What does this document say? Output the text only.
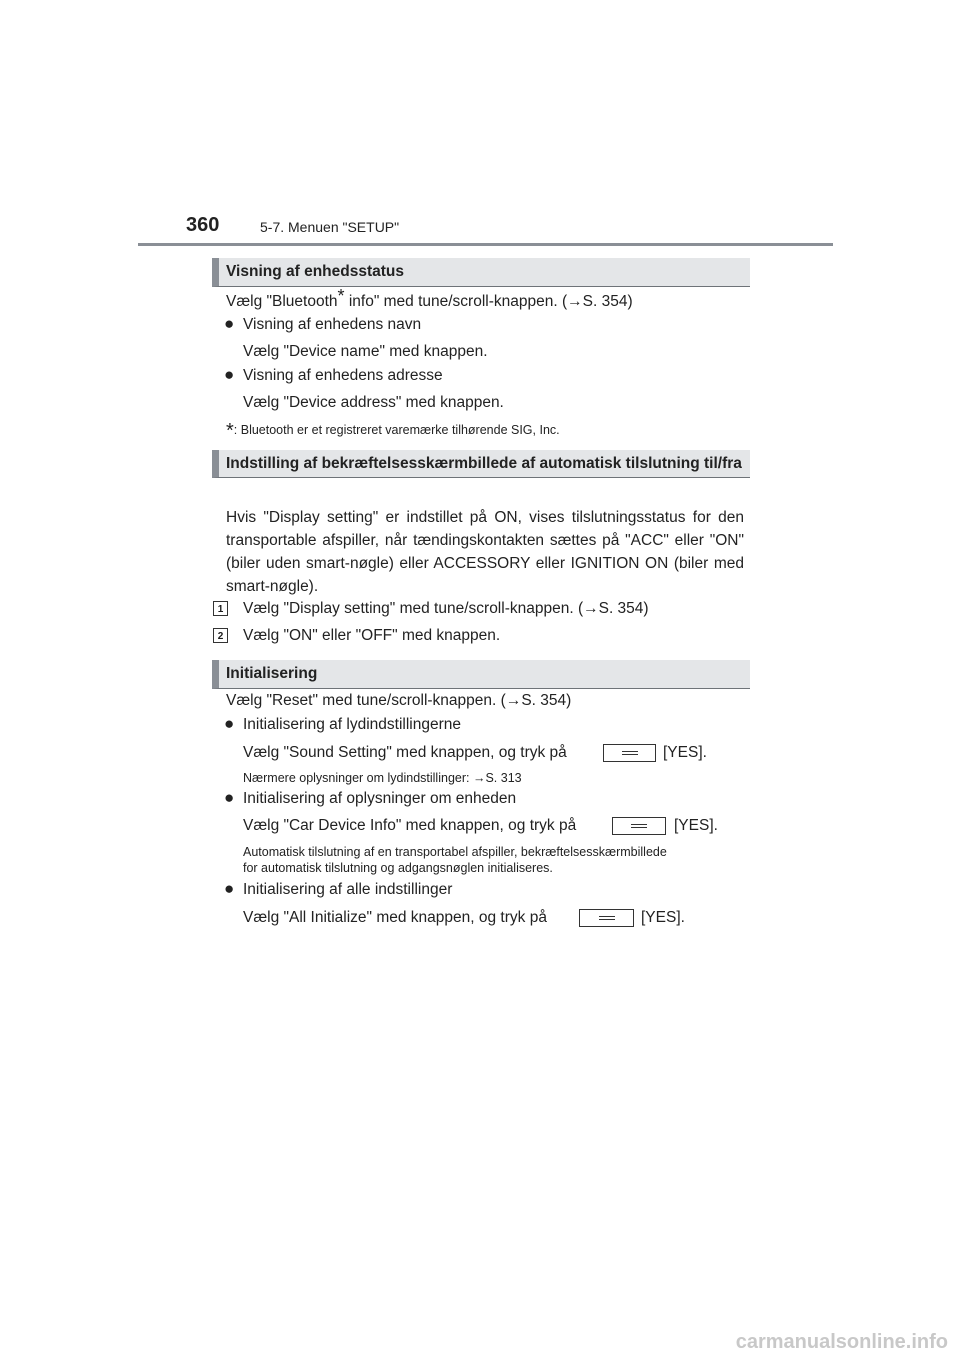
360	5-7. Menuen "SETUP"
Visning af enhedsstatus
Vælg "Bluetooth* info" med tune/scroll-knappen. (→S. 354)
● Visning af enhedens navn
Vælg "Device name" med knappen.
● Visning af enhedens adresse
Vælg "Device address" med knappen.
*: Bluetooth er et registreret varemærke tilhørende SIG, Inc.
Indstilling af bekræftelsesskærmbillede af automatisk tilslutning til/fra
Hvis "Display setting" er indstillet på ON, vises tilslutningsstatus for den transportable afspiller, når tændingskontakten sættes på "ACC" eller "ON" (biler uden smart-nøgle) eller ACCESSORY eller IGNITION ON (biler med smart-nøgle).
1	Vælg "Display setting" med tune/scroll-knappen. (→S. 354)
2	Vælg "ON" eller "OFF" med knappen.
Initialisering
Vælg "Reset" med tune/scroll-knappen. (→S. 354)
● Initialisering af lydindstillingerne
Vælg "Sound Setting" med knappen, og tryk på	[YES].
Nærmere oplysninger om lydindstillinger: →S. 313
● Initialisering af oplysninger om enheden
Vælg "Car Device Info" med knappen, og tryk på	[YES].
Automatisk tilslutning af en transportabel afspiller, bekræftelsesskærmbillede
for automatisk tilslutning og adgangsnøglen initialiseres.
● Initialisering af alle indstillinger
Vælg "All Initialize" med knappen, og tryk på	[YES].
carmanualsonline.info
